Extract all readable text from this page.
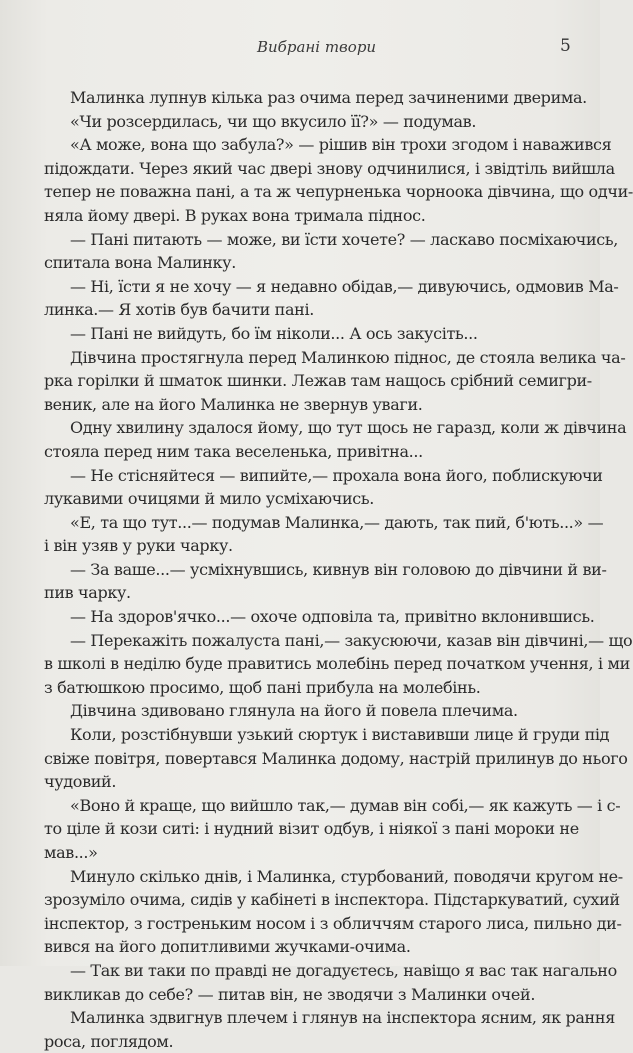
Вибрані твори	5
Малинка лупнув кілька раз очима перед зачиненими дверима.
«Чи розсердилась, чи що вкусило її?» — подумав.
«А може, вона що забула?» — рішив він трохи згодом і наважився
підождати. Через який час двері знову одчинилися, і звідтіль вийшла
тепер не поважна пані, а та ж чепурненька чорноока дівчина, що одчи-
няла йому двері. В руках вона тримала піднос.
— Пані питають — може, ви їсти хочете? — ласкаво посміхаючись,
спитала вона Малинку.
— Ні, їсти я не хочу — я недавно обідав,— дивуючись, одмовив Ма-
линка.— Я хотів був бачити пані.
— Пані не вийдуть, бо їм ніколи... А ось закусіть...
Дівчина простягнула перед Малинкою піднос, де стояла велика ча-
рка горілки й шматок шинки. Лежав там нащось срібний семигри-
веник, але на його Малинка не звернув уваги.
Одну хвилину здалося йому, що тут щось не гаразд, коли ж дівчина
стояла перед ним така веселенька, привітна...
— Не стісняйтеся — випийте,— прохала вона його, поблискуючи
лукавими очицями й мило усміхаючись.
«Е, та що тут...— подумав Малинка,— дають, так пий, б'ють...» —
і він узяв у руки чарку.
— За ваше...— усміхнувшись, кивнув він головою до дівчини й ви-
пив чарку.
— На здоров'ячко...— охоче одповіла та, привітно вклонившись.
— Перекажіть пожалуста пані,— закусюючи, казав він дівчині,— що
в школі в неділю буде правитись молебінь перед початком учення, і ми
з батюшкою просимо, щоб пані прибула на молебінь.
Дівчина здивовано глянула на його й повела плечима.
Коли, розстібнувши узький сюртук і виставивши лице й груди під
свіже повітря, повертався Малинка додому, настрій прилинув до нього
чудовий.
«Воно й краще, що вийшло так,— думав він собі,— як кажуть — і с-
то ціле й кози ситі: і нудний візит одбув, і ніякої з пані мороки не
мав...»
Минуло скілько днів, і Малинка, стурбований, поводячи кругом не-
зрозуміло очима, сидів у кабінеті в інспектора. Підстаркуватий, сухий
інспектор, з гостреньким носом і з обличчям старого лиса, пильно ди-
вився на його допитливими жучками-очима.
— Так ви таки по правді не догадуєтесь, навіщо я вас так нагально
викликав до себе? — питав він, не зводячи з Малинки очей.
Малинка здвигнув плечем і глянув на інспектора ясним, як рання
роса, поглядом.
